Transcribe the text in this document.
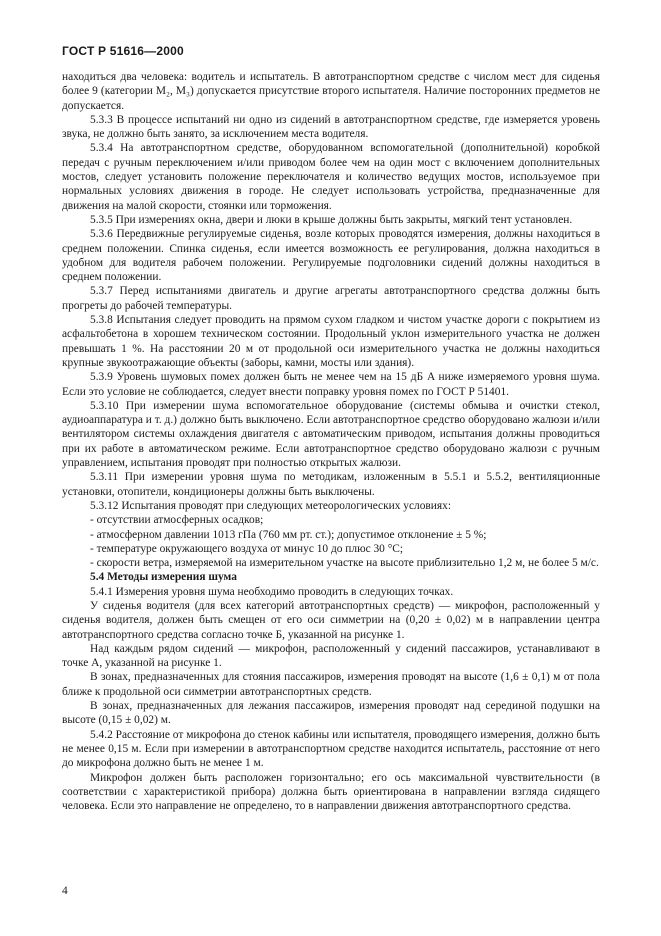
ГОСТ Р 51616—2000

находиться два человека: водитель и испытатель. В автотранспортном средстве с числом мест для сиденья более 9 (категории М₂, М₃) допускается присутствие второго испытателя. Наличие посторонних предметов не допускается.

5.3.3 В процессе испытаний ни одно из сидений в автотранспортном средстве, где измеряется уровень звука, не должно быть занято, за исключением места водителя.

5.3.4 На автотранспортном средстве, оборудованном вспомогательной (дополнительной) коробкой передач с ручным переключением и/или приводом более чем на один мост с включением дополнительных мостов, следует установить положение переключателя и количество ведущих мостов, используемое при нормальных условиях движения в городе. Не следует использовать устройства, предназначенные для движения на малой скорости, стоянки или торможения.

5.3.5 При измерениях окна, двери и люки в крыше должны быть закрыты, мягкий тент установлен.

5.3.6 Передвижные регулируемые сиденья, возле которых проводятся измерения, должны находиться в среднем положении. Спинка сиденья, если имеется возможность ее регулирования, должна находиться в удобном для водителя рабочем положении. Регулируемые подголовники сидений должны находиться в среднем положении.

5.3.7 Перед испытаниями двигатель и другие агрегаты автотранспортного средства должны быть прогреты до рабочей температуры.

5.3.8 Испытания следует проводить на прямом сухом гладком и чистом участке дороги с покрытием из асфальтобетона в хорошем техническом состоянии. Продольный уклон измерительного участка не должен превышать 1 %. На расстоянии 20 м от продольной оси измерительного участка не должны находиться крупные звукоотражающие объекты (заборы, камни, мосты или здания).

5.3.9 Уровень шумовых помех должен быть не менее чем на 15 дБ A ниже измеряемого уровня шума. Если это условие не соблюдается, следует внести поправку уровня помех по ГОСТ Р 51401.

5.3.10 При измерении шума вспомогательное оборудование (системы обмыва и очистки стекол, аудиоаппаратура и т. д.) должно быть выключено. Если автотранспортное средство оборудовано жалюзи и/или вентилятором системы охлаждения двигателя с автоматическим приводом, испытания должны проводиться при их работе в автоматическом режиме. Если автотранспортное средство оборудовано жалюзи с ручным управлением, испытания проводят при полностью открытых жалюзи.

5.3.11 При измерении уровня шума по методикам, изложенным в 5.5.1 и 5.5.2, вентиляционные установки, отопители, кондиционеры должны быть выключены.

5.3.12 Испытания проводят при следующих метеорологических условиях:

- отсутствии атмосферных осадков;

- атмосферном давлении 1013 гПа (760 мм рт. ст.); допустимое отклонение ± 5 %;

- температуре окружающего воздуха от минус 10 до плюс 30 °С;

- скорости ветра, измеряемой на измерительном участке на высоте приблизительно 1,2 м, не более 5 м/с.

5.4 Методы измерения шума

5.4.1 Измерения уровня шума необходимо проводить в следующих точках.

У сиденья водителя (для всех категорий автотранспортных средств) — микрофон, расположенный у сиденья водителя, должен быть смещен от его оси симметрии на (0,20 ± 0,02) м в направлении центра автотранспортного средства согласно точке Б, указанной на рисунке 1.

Над каждым рядом сидений — микрофон, расположенный у сидений пассажиров, устанавливают в точке А, указанной на рисунке 1.

В зонах, предназначенных для стояния пассажиров, измерения проводят на высоте (1,6 ± 0,1) м от пола ближе к продольной оси симметрии автотранспортных средств.

В зонах, предназначенных для лежания пассажиров, измерения проводят над серединой подушки на высоте (0,15 ± 0,02) м.

5.4.2 Расстояние от микрофона до стенок кабины или испытателя, проводящего измерения, должно быть не менее 0,15 м. Если при измерении в автотранспортном средстве находится испытатель, расстояние от него до микрофона должно быть не менее 1 м.

Микрофон должен быть расположен горизонтально; его ось максимальной чувствительности (в соответствии с характеристикой прибора) должна быть ориентирована в направлении взгляда сидящего человека. Если это направление не определено, то в направлении движения автотранспортного средства.

4
